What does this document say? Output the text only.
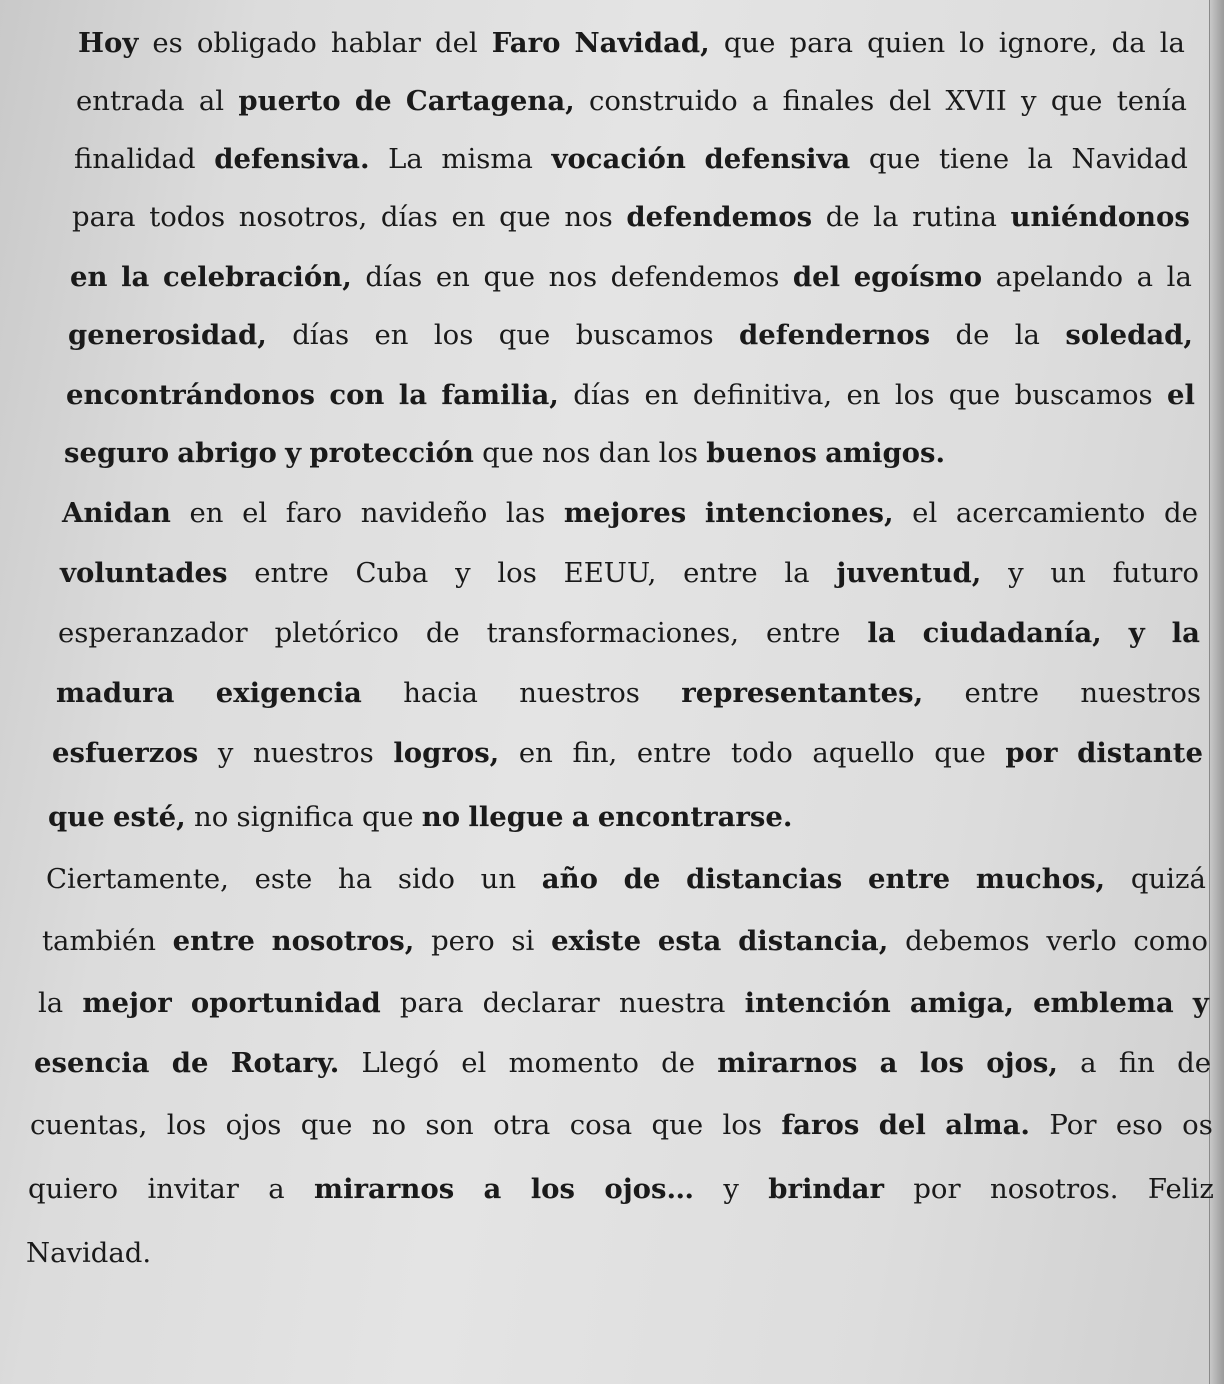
Hoy es obligado hablar del Faro Navidad, que para quien lo ignore, da la
entrada al puerto de Cartagena, construido a finales del XVII y que tenía
finalidad defensiva. La misma vocación defensiva que tiene la Navidad
para todos nosotros, días en que nos defendemos de la rutina uniéndonos
en la celebración, días en que nos defendemos del egoísmo apelando a la
generosidad, días en los que buscamos defendernos de la soledad,
encontrándonos con la familia, días en definitiva, en los que buscamos el
seguro abrigo y protección que nos dan los buenos amigos.
Anidan en el faro navideño las mejores intenciones, el acercamiento de
voluntades entre Cuba y los EEUU, entre la juventud, y un futuro
esperanzador pletórico de transformaciones, entre la ciudadanía, y la
madura exigencia hacia nuestros representantes, entre nuestros
esfuerzos y nuestros logros, en fin, entre todo aquello que por distante
que esté, no significa que no llegue a encontrarse.
Ciertamente, este ha sido un año de distancias entre muchos, quizá
también entre nosotros, pero si existe esta distancia, debemos verlo como
la mejor oportunidad para declarar nuestra intención amiga, emblema y
esencia de Rotary. Llegó el momento de mirarnos a los ojos, a fin de
cuentas, los ojos que no son otra cosa que los faros del alma. Por eso os
quiero invitar a mirarnos a los ojos… y brindar por nosotros. Feliz
Navidad.
